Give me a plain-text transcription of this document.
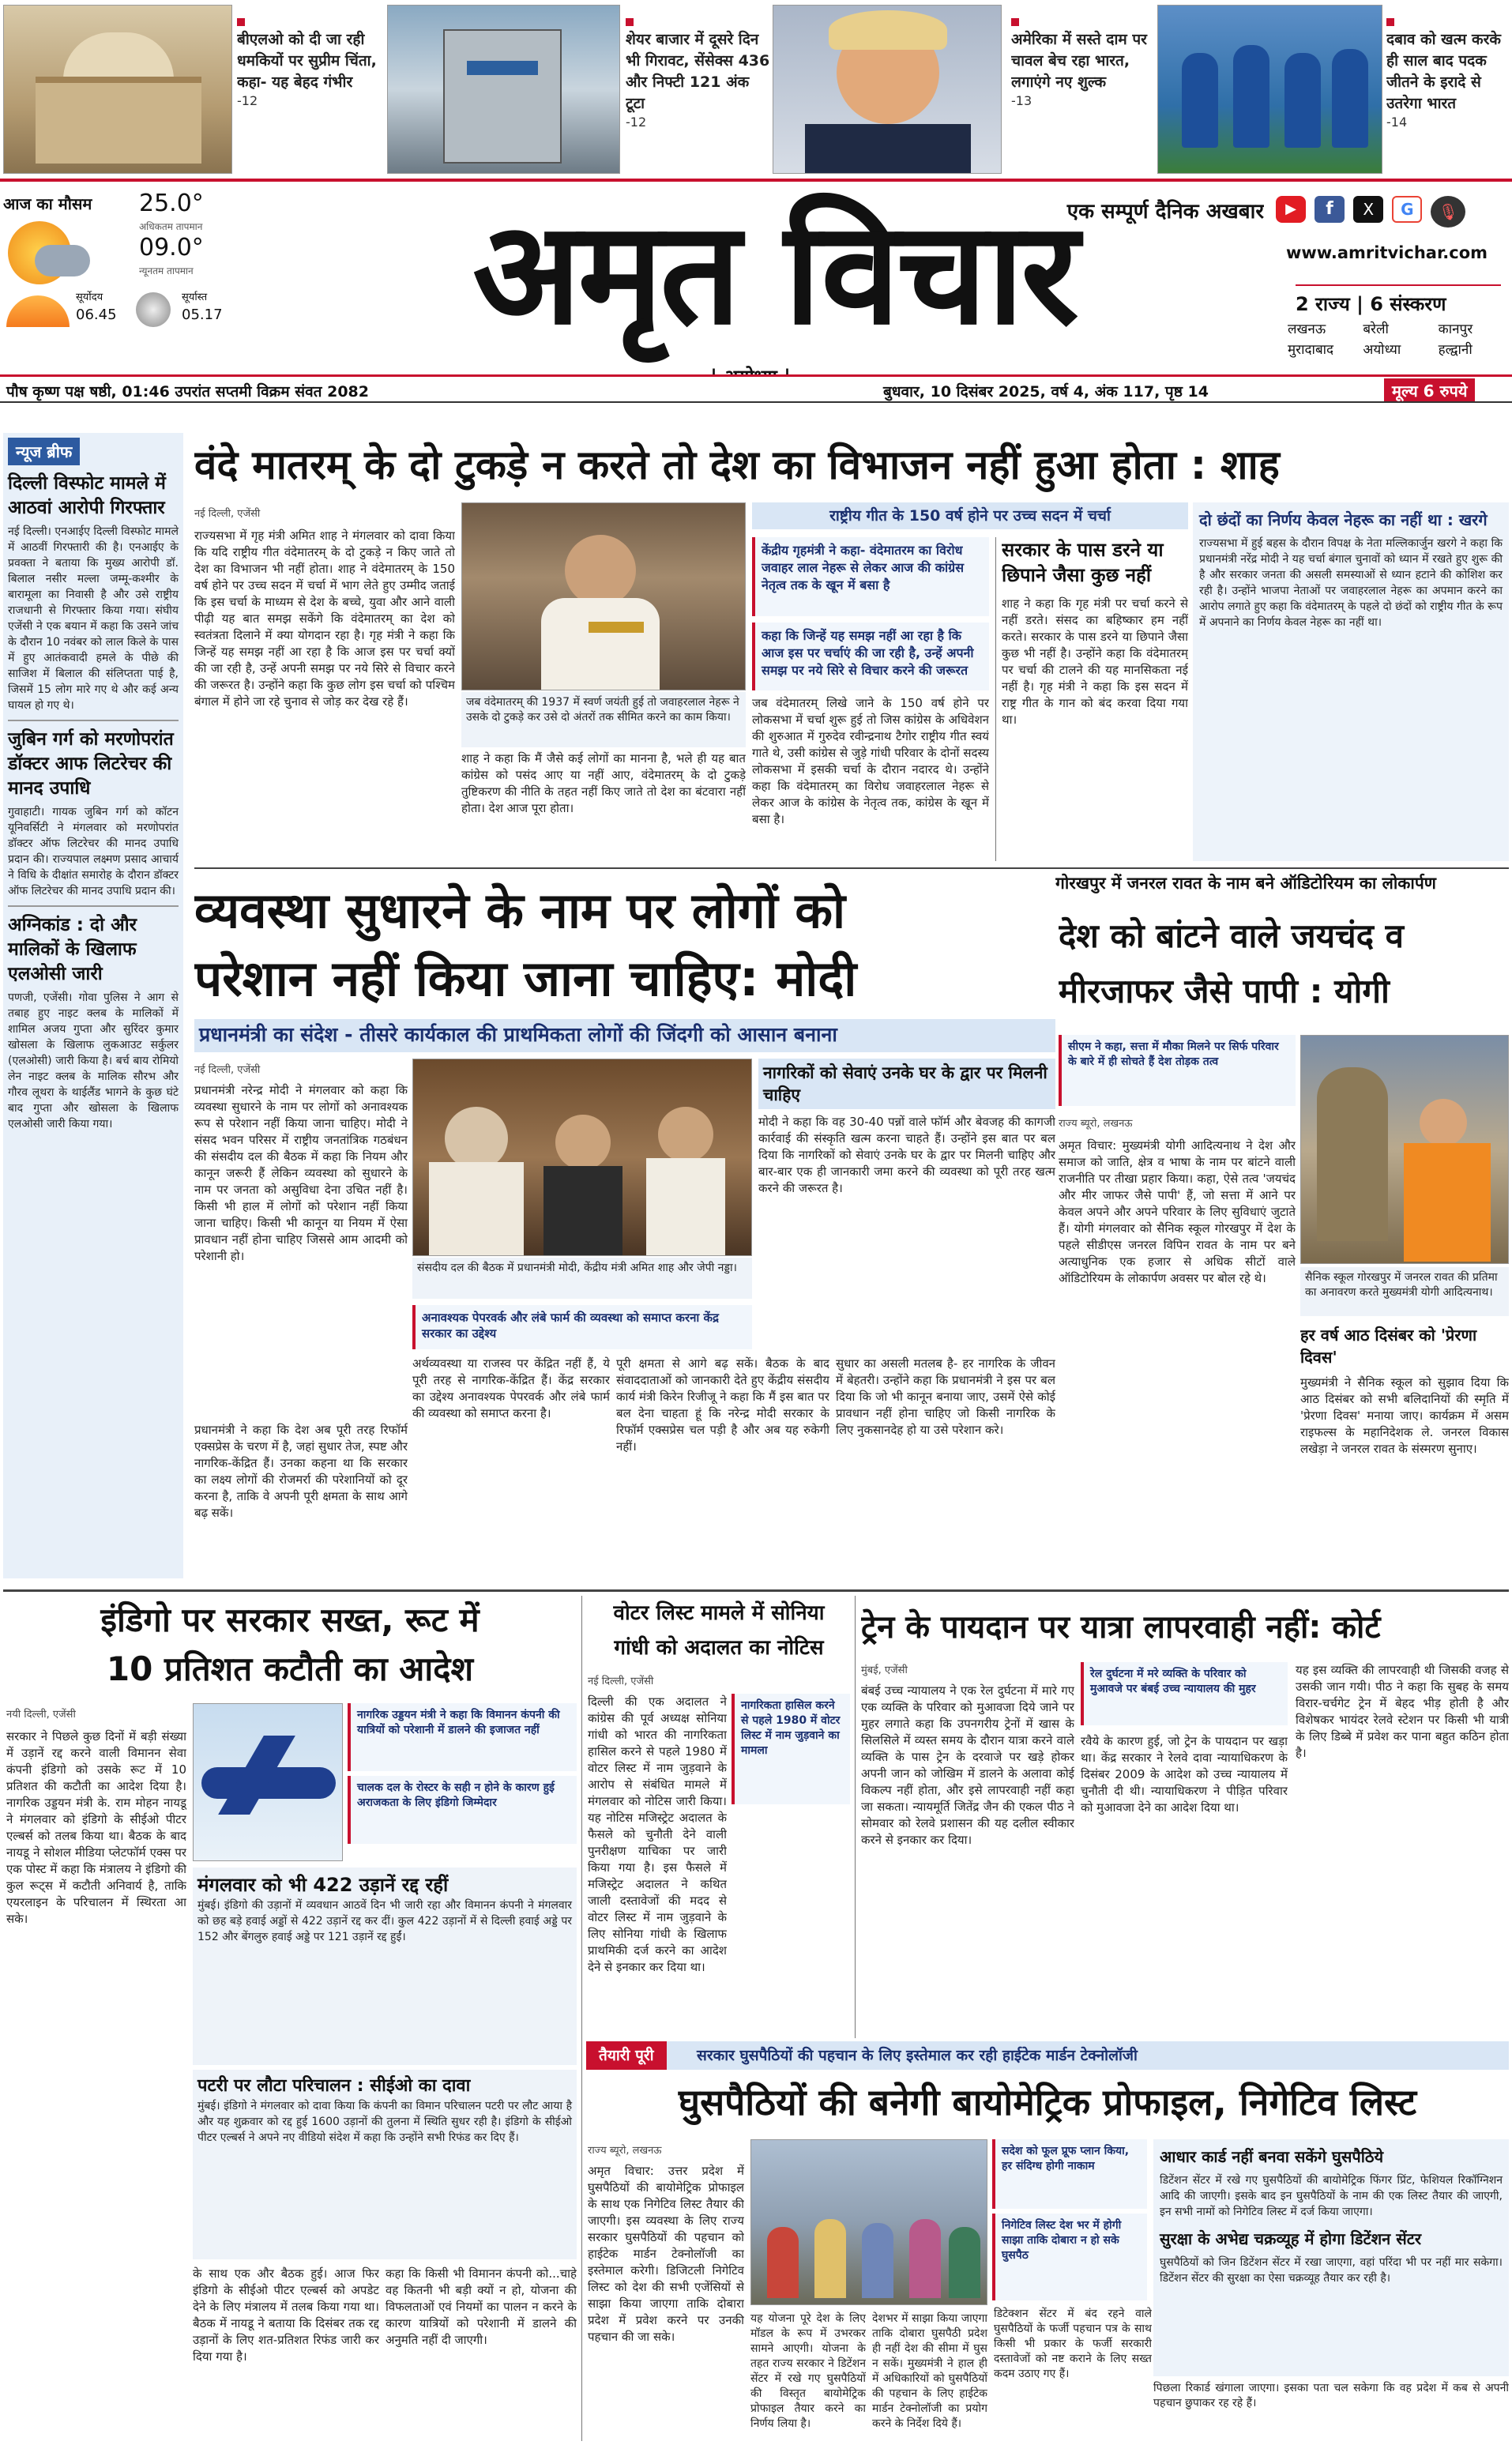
बीएलओ को दी जा रही धमकियों पर सुप्रीम चिंता, कहा- यह बेहद गंभीर
-12
शेयर बाजार में दूसरे दिन भी गिरावट, सेंसेक्स 436 और निफ्टी 121 अंक टूटा
-12
अमेरिका में सस्ते दाम पर चावल बेच रहा भारत, लगाएंगे नए शुल्क
-13
दबाव को खत्म करके ही साल बाद पदक जीतने के इरादे से उतरेगा भारत
-14
आज का मौसम 25.0°
अधिकतम तापमान
09.0°
न्यूनतम तापमान
सूर्योदय
06.45
सूर्यास्त
05.17
एक सम्पूर्ण दैनिक अखबार
अमृत विचार	▶ f X G 🎙
www.amritvichar.com
2 राज्य | 6 संस्करण
लखनऊ	बरेली	कानपुर
मुरादाबाद	अयोध्या	हल्द्वानी
पौष कृष्ण पक्ष षष्ठी, 01:46 उपरांत सप्तमी विक्रम संवत 2082	बुधवार, 10 दिसंबर 2025, वर्ष 4, अंक 117, पृष्ठ 14	मूल्य 6 रुपये
न्यूज ब्रीफ
दिल्ली विस्फोट मामले में आठवां आरोपी गिरफ्तार
नई दिल्ली। एनआईए दिल्ली विस्फोट मामले में आठवीं गिरफ्तारी की है। एनआईए के प्रवक्ता ने बताया कि मुख्य आरोपी डॉ. बिलाल नसीर मल्ला जम्मू-कश्मीर के बारामूला का निवासी है और उसे राष्ट्रीय राजधानी से गिरफ्तार किया गया। संघीय एजेंसी ने एक बयान में कहा कि उसने जांच के दौरान 10 नवंबर को लाल किले के पास में हुए आतंकवादी हमले के पीछे की साजिश में बिलाल की संलिप्तता पाई है, जिसमें 15 लोग मारे गए थे और कई अन्य घायल हो गए थे।
जुबिन गर्ग को मरणोपरांत डॉक्टर आफ लिटरेचर की मानद उपाधि
गुवाहाटी। गायक जुबिन गर्ग को कॉटन यूनिवर्सिटी ने मंगलवार को मरणोपरांत डॉक्टर ऑफ लिटरेचर की मानद उपाधि प्रदान की। राज्यपाल लक्ष्मण प्रसाद आचार्य ने विधि के दीक्षांत समारोह के दौरान डॉक्टर ऑफ लिटरेचर की मानद उपाधि प्रदान की।
अग्निकांड : दो और मालिकों के खिलाफ एलओसी जारी
पणजी, एजेंसी। गोवा पुलिस ने आग से तबाह हुए नाइट क्लब के मालिकों में शामिल अजय गुप्ता और सुरिंदर कुमार खोसला के खिलाफ लुकआउट सर्कुलर (एलओसी) जारी किया है। बर्च बाय रोमियो लेन नाइट क्लब के मालिक सौरभ और गौरव लूथरा के थाईलैंड भागने के कुछ घंटे बाद गुप्ता और खोसला के खिलाफ एलओसी जारी किया गया।
वंदे मातरम् के दो टुकड़े न करते तो देश का विभाजन नहीं हुआ होता : शाह
नई दिल्ली, एजेंसी
राज्यसभा में गृह मंत्री अमित शाह ने मंगलवार को दावा किया कि यदि राष्ट्रीय गीत वंदेमातरम् के दो टुकड़े न किए जाते तो देश का विभाजन भी नहीं होता। शाह ने वंदेमातरम् के 150 वर्ष होने पर उच्च सदन में चर्चा में भाग लेते हुए उम्मीद जताई कि इस चर्चा के माध्यम से देश के बच्चे, युवा और आने वाली पीढ़ी यह बात समझ सकेंगे कि वंदेमातरम् का देश को स्वतंत्रता दिलाने में क्या योगदान रहा है। गृह मंत्री ने कहा कि जिन्हें यह समझ नहीं आ रहा है कि आज इस पर चर्चा क्यों की जा रही है, उन्हें अपनी समझ पर नये सिरे से विचार करने की जरूरत है। उन्होंने कहा कि कुछ लोग इस चर्चा को पश्चिम बंगाल में होने जा रहे चुनाव से जोड़ कर देख रहे हैं।	जब वंदेमातरम् की 1937 में स्वर्ण जयंती हुई तो जवाहरलाल नेहरू ने उसके दो टुकड़े कर उसे दो अंतरों तक सीमित करने का काम किया।
शाह ने कहा कि मैं जैसे कई लोगों का मानना है, भले ही यह बात कांग्रेस को पसंद आए या नहीं आए, वंदेमातरम् के दो टुकड़े तुष्टिकरण की नीति के तहत नहीं किए जाते तो देश का बंटवारा नहीं होता। देश आज पूरा होता।
राष्ट्रीय गीत के 150 वर्ष होने पर उच्च सदन में चर्चा
केंद्रीय गृहमंत्री ने कहा- वंदेमातरम का विरोध जवाहर लाल नेहरू से लेकर आज की कांग्रेस नेतृत्व तक के खून में बसा है
कहा कि जिन्हें यह समझ नहीं आ रहा है कि आज इस पर चर्चाएं की जा रही है, उन्हें अपनी समझ पर नये सिरे से विचार करने की जरूरत
जब वंदेमातरम् लिखे जाने के 150 वर्ष होने पर लोकसभा में चर्चा शुरू हुई तो जिस कांग्रेस के अधिवेशन की शुरुआत में गुरुदेव रवीन्द्रनाथ टैगोर राष्ट्रीय गीत स्वयं गाते थे, उसी कांग्रेस से जुड़े गांधी परिवार के दोनों सदस्य लोकसभा में इसकी चर्चा के दौरान नदारद थे। उन्होंने कहा कि वंदेमातरम् का विरोध जवाहरलाल नेहरू से लेकर आज के कांग्रेस के नेतृत्व तक, कांग्रेस के खून में बसा है।
सरकार के पास डरने या छिपाने जैसा कुछ नहीं
शाह ने कहा कि गृह मंत्री पर चर्चा करने से नहीं डरते। संसद का बहिष्कार हम नहीं करते। सरकार के पास डरने या छिपाने जैसा कुछ भी नहीं है। उन्होंने कहा कि वंदेमातरम् पर चर्चा की टालने की यह मानसिकता नई नहीं है। गृह मंत्री ने कहा कि इस सदन में राष्ट्र गीत के गान को बंद करवा दिया गया था।
दो छंदों का निर्णय केवल नेहरू का नहीं था : खरगे
राज्यसभा में हुई बहस के दौरान विपक्ष के नेता मल्लिकार्जुन खरगे ने कहा कि प्रधानमंत्री नरेंद्र मोदी ने यह चर्चा बंगाल चुनावों को ध्यान में रखते हुए शुरू की है और सरकार जनता की असली समस्याओं से ध्यान हटाने की कोशिश कर रही है। उन्होंने भाजपा नेताओं पर जवाहरलाल नेहरू का अपमान करने का आरोप लगाते हुए कहा कि वंदेमातरम् के पहले दो छंदों को राष्ट्रीय गीत के रूप में अपनाने का निर्णय केवल नेहरू का नहीं था।
व्यवस्था सुधारने के नाम पर लोगों को
परेशान नहीं किया जाना चाहिए: मोदी
प्रधानमंत्री का संदेश - तीसरे कार्यकाल की प्राथमिकता लोगों की जिंदगी को आसान बनाना
नई दिल्ली, एजेंसी
प्रधानमंत्री नरेन्द्र मोदी ने मंगलवार को कहा कि व्यवस्था सुधारने के नाम पर लोगों को अनावश्यक रूप से परेशान नहीं किया जाना चाहिए। मोदी ने संसद भवन परिसर में राष्ट्रीय जनतांत्रिक गठबंधन की संसदीय दल की बैठक में कहा कि नियम और कानून जरूरी हैं लेकिन व्यवस्था को सुधारने के नाम पर जनता को असुविधा देना उचित नहीं है। किसी भी हाल में लोगों को परेशान नहीं किया जाना चाहिए। किसी भी कानून या नियम में ऐसा प्रावधान नहीं होना चाहिए जिससे आम आदमी को परेशानी हो।
संसदीय दल की बैठक में प्रधानमंत्री मोदी, केंद्रीय मंत्री अमित शाह और जेपी नड्डा।
नागरिकों को सेवाएं उनके घर के द्वार पर मिलनी चाहिए
मोदी ने कहा कि वह 30-40 पन्नों वाले फॉर्म और बेवजह की कागजी कार्रवाई की संस्कृति खत्म करना चाहते हैं। उन्होंने इस बात पर बल दिया कि नागरिकों को सेवाएं उनके घर के द्वार पर मिलनी चाहिए और बार-बार एक ही जानकारी जमा करने की व्यवस्था को पूरी तरह खत्म करने की जरूरत है।
अनावश्यक पेपरवर्क और लंबे फार्म की व्यवस्था को समाप्त करना केंद्र सरकार का उद्देश्य
प्रधानमंत्री ने कहा कि देश अब पूरी तरह रिफॉर्म एक्सप्रेस के चरण में है, जहां सुधार तेज, स्पष्ट और नागरिक-केंद्रित हैं। उनका कहना था कि सरकार का लक्ष्य लोगों की रोजमर्रा की परेशानियों को दूर करना है, ताकि वे अपनी पूरी क्षमता के साथ आगे बढ़ सकें।
अर्थव्यवस्था या राजस्व पर केंद्रित नहीं हैं, ये पूरी तरह से नागरिक-केंद्रित हैं। केंद्र सरकार का उद्देश्य अनावश्यक पेपरवर्क और लंबे फार्म की व्यवस्था को समाप्त करना है।
पूरी क्षमता से आगे बढ़ सकें। बैठक के बाद संवाददाताओं को जानकारी देते हुए केंद्रीय संसदीय कार्य मंत्री किरेन रिजीजू ने कहा कि मैं इस बात पर बल देना चाहता हूं कि नरेन्द्र मोदी सरकार के रिफॉर्म एक्सप्रेस चल पड़ी है और अब यह रुकेगी नहीं।
सुधार का असली मतलब है- हर नागरिक के जीवन में बेहतरी। उन्होंने कहा कि प्रधानमंत्री ने इस पर बल दिया कि जो भी कानून बनाया जाए, उसमें ऐसे कोई प्रावधान नहीं होना चाहिए जो किसी नागरिक के लिए नुकसानदेह हो या उसे परेशान करे।
गोरखपुर में जनरल रावत के नाम बने ऑडिटोरियम का लोकार्पण
देश को बांटने वाले जयचंद व
मीरजाफर जैसे पापी : योगी
सीएम ने कहा, सत्ता में मौका मिलने पर सिर्फ परिवार के बारे में ही सोचते हैं देश तोड़क तत्व
राज्य ब्यूरो, लखनऊ
अमृत विचार: मुख्यमंत्री योगी आदित्यनाथ ने देश और समाज को जाति, क्षेत्र व भाषा के नाम पर बांटने वाली राजनीति पर तीखा प्रहार किया। कहा, ऐसे तत्व 'जयचंद और मीर जाफर जैसे पापी' हैं, जो सत्ता में आने पर केवल अपने और अपने परिवार के लिए सुविधाएं जुटाते हैं। योगी मंगलवार को सैनिक स्कूल गोरखपुर में देश के पहले सीडीएस जनरल विपिन रावत के नाम पर बने अत्याधुनिक एक हजार से अधिक सीटों वाले ऑडिटोरियम के लोकार्पण अवसर पर बोल रहे थे।	सैनिक स्कूल गोरखपुर में जनरल रावत की प्रतिमा का अनावरण करते मुख्यमंत्री योगी आदित्यनाथ।
हर वर्ष आठ दिसंबर को 'प्रेरणा दिवस'
मुख्यमंत्री ने सैनिक स्कूल को सुझाव दिया कि आठ दिसंबर को सभी बलिदानियों की स्मृति में 'प्रेरणा दिवस' मनाया जाए। कार्यक्रम में असम राइफल्स के महानिदेशक ले. जनरल विकास लखेड़ा ने जनरल रावत के संस्मरण सुनाए।
इंडिगो पर सरकार सख्त, रूट में
10 प्रतिशत कटौती का आदेश
नयी दिल्ली, एजेंसी
सरकार ने पिछले कुछ दिनों में बड़ी संख्या में उड़ानें रद्द करने वाली विमानन सेवा कंपनी इंडिगो को उसके रूट में 10 प्रतिशत की कटौती का आदेश दिया है। नागरिक उड्डयन मंत्री के. राम मोहन नायडू ने मंगलवार को इंडिगो के सीईओ पीटर एल्बर्स को तलब किया था। बैठक के बाद नायडू ने सोशल मीडिया प्लेटफॉर्म एक्स पर एक पोस्ट में कहा कि मंत्रालय ने इंडिगो की कुल रूट्स में कटौती अनिवार्य है, ताकि एयरलाइन के परिचालन में स्थिरता आ सके।
नागरिक उड्डयन मंत्री ने कहा कि विमानन कंपनी की यात्रियों को परेशानी में डालने की इजाजत नहीं
चालक दल के रोस्टर के सही न होने के कारण हुई अराजकता के लिए इंडिगो जिम्मेदार
मंगलवार को भी 422 उड़ानें रद्द रहीं
मुंबई। इंडिगो की उड़ानों में व्यवधान आठवें दिन भी जारी रहा और विमानन कंपनी ने मंगलवार को छह बड़े हवाई अड्डों से 422 उड़ानें रद्द कर दीं। कुल 422 उड़ानों में से दिल्ली हवाई अड्डे पर 152 और बेंगलुरु हवाई अड्डे पर 121 उड़ानें रद्द हुईं।
पटरी पर लौटा परिचालन : सीईओ का दावा
मुंबई। इंडिगो ने मंगलवार को दावा किया कि कंपनी का विमान परिचालन पटरी पर लौट आया है और यह शुक्रवार को रद्द हुई 1600 उड़ानों की तुलना में स्थिति सुधर रही है। इंडिगो के सीईओ पीटर एल्बर्स ने अपने नए वीडियो संदेश में कहा कि उन्होंने सभी रिफंड कर दिए हैं।
के साथ एक और बैठक हुई। आज फिर इंडिगो के सीईओ पीटर एल्बर्स को अपडेट देने के लिए मंत्रालय में तलब किया गया था। बैठक में नायडू ने बताया कि दिसंबर तक रद्द उड़ानों के लिए शत-प्रतिशत रिफंड जारी कर दिया गया है।
कहा कि किसी भी विमानन कंपनी को...चाहे वह कितनी भी बड़ी क्यों न हो, योजना की विफलताओं एवं नियमों का पालन न करने के कारण यात्रियों को परेशानी में डालने की अनुमति नहीं दी जाएगी।
वोटर लिस्ट मामले में सोनिया
गांधी को अदालत का नोटिस
नई दिल्ली, एजेंसी
नागरिकता हासिल करने से पहले 1980 में वोटर लिस्ट में नाम जुड़वाने का मामला
दिल्ली की एक अदालत ने कांग्रेस की पूर्व अध्यक्ष सोनिया गांधी को भारत की नागरिकता हासिल करने से पहले 1980 में वोटर लिस्ट में नाम जुड़वाने के आरोप से संबंधित मामले में मंगलवार को नोटिस जारी किया। यह नोटिस मजिस्ट्रेट अदालत के फैसले को चुनौती देने वाली पुनरीक्षण याचिका पर जारी किया गया है। इस फैसले में मजिस्ट्रेट अदालत ने कथित जाली दस्तावेजों की मदद से वोटर लिस्ट में नाम जुड़वाने के लिए सोनिया गांधी के खिलाफ प्राथमिकी दर्ज करने का आदेश देने से इनकार कर दिया था।
ट्रेन के पायदान पर यात्रा लापरवाही नहीं: कोर्ट
मुंबई, एजेंसी
बंबई उच्च न्यायालय ने एक रेल दुर्घटना में मारे गए एक व्यक्ति के परिवार को मुआवजा दिये जाने पर मुहर लगाते कहा कि उपनगरीय ट्रेनों में खास के सिलसिले में व्यस्त समय के दौरान यात्रा करने वाले व्यक्ति के पास ट्रेन के दरवाजे पर खड़े होकर अपनी जान को जोखिम में डालने के अलावा कोई विकल्प नहीं होता, और इसे लापरवाही नहीं कहा जा सकता। न्यायमूर्ति जितेंद्र जैन की एकल पीठ ने सोमवार को रेलवे प्रशासन की यह दलील स्वीकार करने से इनकार कर दिया।
रेल दुर्घटना में मरे व्यक्ति के परिवार को मुआवजे पर बंबई उच्च न्यायालय की मुहर
रवैये के कारण हुई, जो ट्रेन के पायदान पर खड़ा था। केंद्र सरकार ने रेलवे दावा न्यायाधिकरण के दिसंबर 2009 के आदेश को उच्च न्यायालय में चुनौती दी थी। न्यायाधिकरण ने पीड़ित परिवार को मुआवजा देने का आदेश दिया था।
यह इस व्यक्ति की लापरवाही थी जिसकी वजह से उसकी जान गयी। पीठ ने कहा कि सुबह के समय विरार-चर्चगेट ट्रेन में बेहद भीड़ होती है और विशेषकर भायंदर रेलवे स्टेशन पर किसी भी यात्री के लिए डिब्बे में प्रवेश कर पाना बहुत कठिन होता है।
तैयारी पूरी	सरकार घुसपैठियों की पहचान के लिए इस्तेमाल कर रही हाईटेक मार्डन टेक्नोलॉजी
घुसपैठियों की बनेगी बायोमेट्रिक प्रोफाइल, निगेटिव लिस्ट
राज्य ब्यूरो, लखनऊ
अमृत विचार: उत्तर प्रदेश में घुसपैठियों की बायोमेट्रिक प्रोफाइल के साथ एक निगेटिव लिस्ट तैयार की जाएगी। इस व्यवस्था के लिए राज्य सरकार घुसपैठियों की पहचान को हाईटेक मार्डन टेक्नोलॉजी का इस्तेमाल करेगी। डिजिटली निगेटिव लिस्ट को देश की सभी एजेंसियों से साझा किया जाएगा ताकि दोबारा प्रदेश में प्रवेश करने पर उनकी पहचान की जा सके।
सदेश को फूल प्रूफ प्लान किया, हर संदिग्ध होगी नाकाम
निगेटिव लिस्ट देश भर में होगी साझा ताकि दोबारा न हो सके घुसपैठ
यह योजना पूरे देश के लिए मॉडल के रूप में उभरकर सामने आएगी। योजना के तहत राज्य सरकार ने डिटेंशन सेंटर में रखे गए घुसपैठियों की विस्तृत बायोमेट्रिक प्रोफाइल तैयार करने का निर्णय लिया है।
देशभर में साझा किया जाएगा ताकि दोबारा घुसपैठी प्रदेश ही नहीं देश की सीमा में घुस न सकें। मुख्यमंत्री ने हाल ही में अधिकारियों को घुसपैठियों की पहचान के लिए हाईटेक मार्डन टेक्नोलॉजी का प्रयोग करने के निर्देश दिये हैं।
डिटेक्शन सेंटर में बंद रहने वाले घुसपैठियों के फर्जी पहचान पत्र के साथ किसी भी प्रकार के फर्जी सरकारी दस्तावेजों को नष्ट कराने के लिए सख्त कदम उठाए गए हैं।
आधार कार्ड नहीं बनवा सकेंगे घुसपैठिये
डिटेंशन सेंटर में रखे गए घुसपैठियों की बायोमेट्रिक फिंगर प्रिंट, फेशियल रिकॉग्निशन आदि की जाएगी। इसके बाद इन घुसपैठियों के नाम की एक लिस्ट तैयार की जाएगी, इन सभी नामों को निगेटिव लिस्ट में दर्ज किया जाएगा।
सुरक्षा के अभेद्य चक्रव्यूह में होगा डिटेंशन सेंटर
घुसपैठियों को जिन डिटेंशन सेंटर में रखा जाएगा, वहां परिंदा भी पर नहीं मार सकेगा। डिटेंशन सेंटर की सुरक्षा का ऐसा चक्रव्यूह तैयार कर रही है।
पिछला रिकार्ड खंगाला जाएगा। इसका पता चल सकेगा कि वह प्रदेश में कब से अपनी पहचान छुपाकर रह रहे हैं।
